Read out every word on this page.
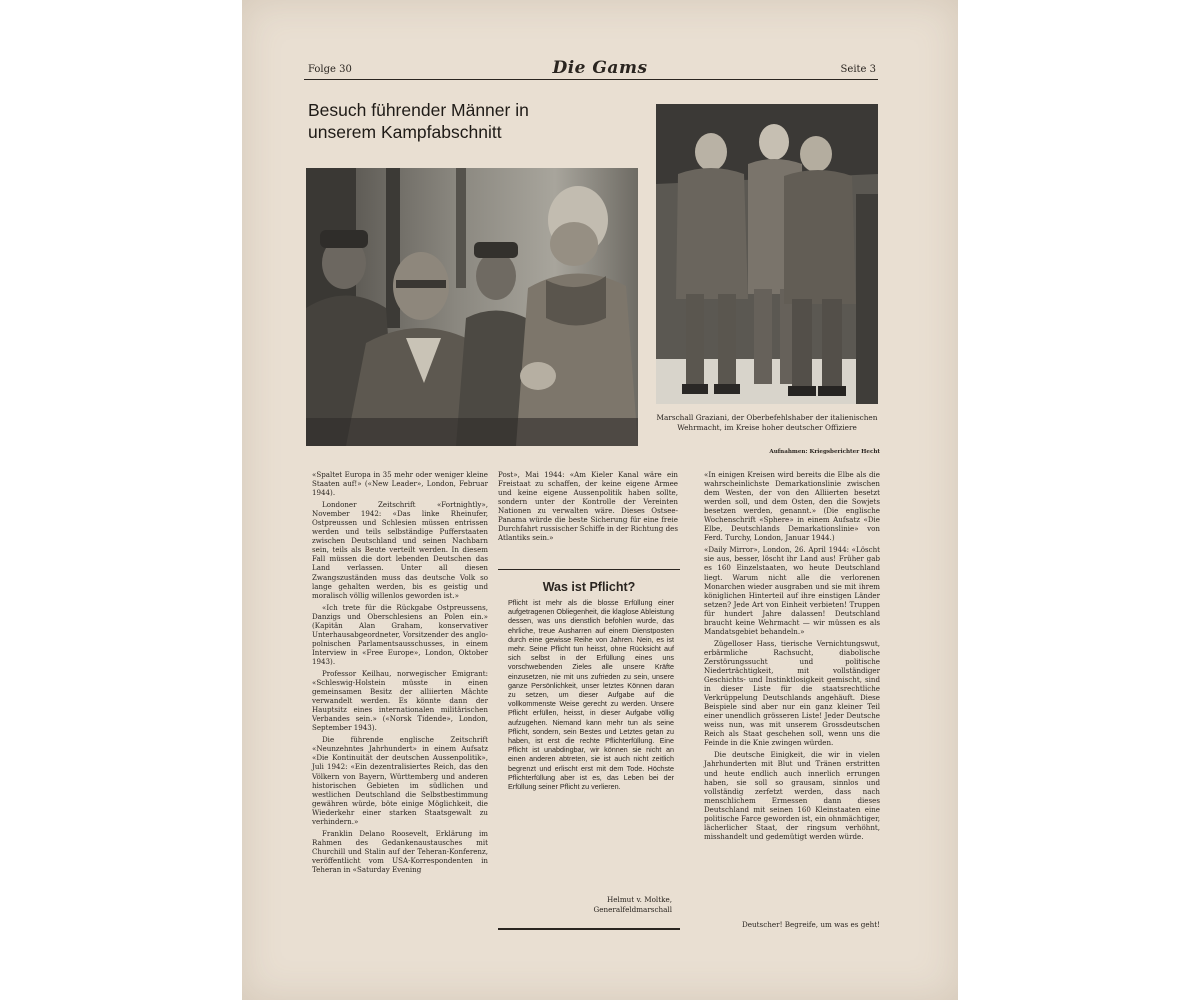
Folge 30	Die Gams	Seite 3
Besuch führender Männer in unserem Kampfabschnitt
Marschall Graziani, der Oberbefehlshaber der italienischen Wehrmacht, im Kreise hoher deutscher Offiziere
Aufnahmen: Kriegsberichter Hecht

«Spaltet Europa in 35 mehr oder weniger kleine Staaten auf!» («New Leader», London, Februar 1944).

Londoner Zeitschrift «Fortnightly», November 1942: «Das linke Rheinufer, Ostpreussen und Schlesien müssen entrissen werden und teils selbständige Pufferstaaten zwischen Deutschland und seinen Nachbarn sein, teils als Beute verteilt werden. In diesem Fall müssen die dort lebenden Deutschen das Land verlassen. Unter all diesen Zwangszuständen muss das deutsche Volk so lange gehalten werden, bis es geistig und moralisch völlig willenlos geworden ist.»

«Ich trete für die Rückgabe Ostpreussens, Danzigs und Oberschlesiens an Polen ein.» (Kapitän Alan Graham, konservativer Unterhausabgeordneter, Vorsitzender des anglo-polnischen Parlamentsausschusses, in einem Interview in «Free Europe», London, Oktober 1943).

Professor Keilhau, norwegischer Emigrant: «Schleswig-Holstein müsste in einen gemeinsamen Besitz der alliierten Mächte verwandelt werden. Es könnte dann der Hauptsitz eines internationalen militärischen Verbandes sein.» («Norsk Tidende», London, September 1943).

Die führende englische Zeitschrift «Neunzehntes Jahrhundert» in einem Aufsatz «Die Kontinuität der deutschen Aussenpolitik», Juli 1942: «Ein dezentralisiertes Reich, das den Völkern von Bayern, Württemberg und anderen historischen Gebieten im südlichen und westlichen Deutschland die Selbstbestimmung gewähren würde, böte einige Möglichkeit, die Wiederkehr einer starken Staatsgewalt zu verhindern.»

Franklin Delano Roosevelt, Erklärung im Rahmen des Gedankenaustausches mit Churchill und Stalin auf der Teheran-Konferenz, veröffentlicht vom USA-Korrespondenten in Teheran in «Saturday Evening

Post», Mai 1944: «Am Kieler Kanal wäre ein Freistaat zu schaffen, der keine eigene Armee und keine eigene Aussenpolitik haben sollte, sondern unter der Kontrolle der Vereinten Nationen zu verwalten wäre. Dieses Ostsee-Panama würde die beste Sicherung für eine freie Durchfahrt russischer Schiffe in der Richtung des Atlantiks sein.»

Was ist Pflicht?
Pflicht ist mehr als die blosse Erfüllung einer aufgetragenen Obliegenheit, die klaglose Ableistung dessen, was uns dienstlich befohlen wurde, das ehrliche, treue Ausharren auf einem Dienstposten durch eine gewisse Reihe von Jahren. Nein, es ist mehr. Seine Pflicht tun heisst, ohne Rücksicht auf sich selbst in der Erfüllung eines uns vorschwebenden Zieles alle unsere Kräfte einzusetzen, nie mit uns zufrieden zu sein, unsere ganze Persönlichkeit, unser letztes Können daran zu setzen, um dieser Aufgabe auf die vollkommenste Weise gerecht zu werden. Unsere Pflicht erfüllen, heisst, in dieser Aufgabe völlig aufzugehen. Niemand kann mehr tun als seine Pflicht, sondern, sein Bestes und Letztes getan zu haben, ist erst die rechte Pflichterfüllung. Eine Pflicht ist unabdingbar, wir können sie nicht an einen anderen abtreten, sie ist auch nicht zeitlich begrenzt und erlischt erst mit dem Tode. Höchste Pflichterfüllung aber ist es, das Leben bei der Erfüllung seiner Pflicht zu verlieren.
Helmut v. Moltke,
Generalfeldmarschall

«In einigen Kreisen wird bereits die Elbe als die wahrscheinlichste Demarkationslinie zwischen dem Westen, der von den Alliierten besetzt werden soll, und dem Osten, den die Sowjets besetzen werden, genannt.» (Die englische Wochenschrift «Sphere» in einem Aufsatz «Die Elbe, Deutschlands Demarkationslinie» von Ferd. Turchy, London, Januar 1944.)

«Daily Mirror», London, 26. April 1944: «Löscht sie aus, besser, löscht ihr Land aus! Früher gab es 160 Einzelstaaten, wo heute Deutschland liegt. Warum nicht alle die verlorenen Monarchen wieder ausgraben und sie mit ihrem königlichen Hinterteil auf ihre einstigen Länder setzen? Jede Art von Einheit verbieten! Truppen für hundert Jahre dalassen! Deutschland braucht keine Wehrmacht — wir müssen es als Mandatsgebiet behandeln.»

Zügelloser Hass, tierische Vernichtungswut, erbärmliche Rachsucht, diabolische Zerstörungssucht und politische Niederträchtigkeit, mit vollständiger Geschichts- und Instinktlosigkeit gemischt, sind in dieser Liste für die staatsrechtliche Verkrüppelung Deutschlands angehäuft. Diese Beispiele sind aber nur ein ganz kleiner Teil einer unendlich grösseren Liste! Jeder Deutsche weiss nun, was mit unserem Grossdeutschen Reich als Staat geschehen soll, wenn uns die Feinde in die Knie zwingen würden.

Die deutsche Einigkeit, die wir in vielen Jahrhunderten mit Blut und Tränen erstritten und heute endlich auch innerlich errungen haben, sie soll so grausam, sinnlos und vollständig zerfetzt werden, dass nach menschlichem Ermessen dann dieses Deutschland mit seinen 160 Kleinstaaten eine politische Farce geworden ist, ein ohnmächtiger, lächerlicher Staat, der ringsum verhöhnt, misshandelt und gedemütigt werden würde.

Deutscher! Begreife, um was es geht!
